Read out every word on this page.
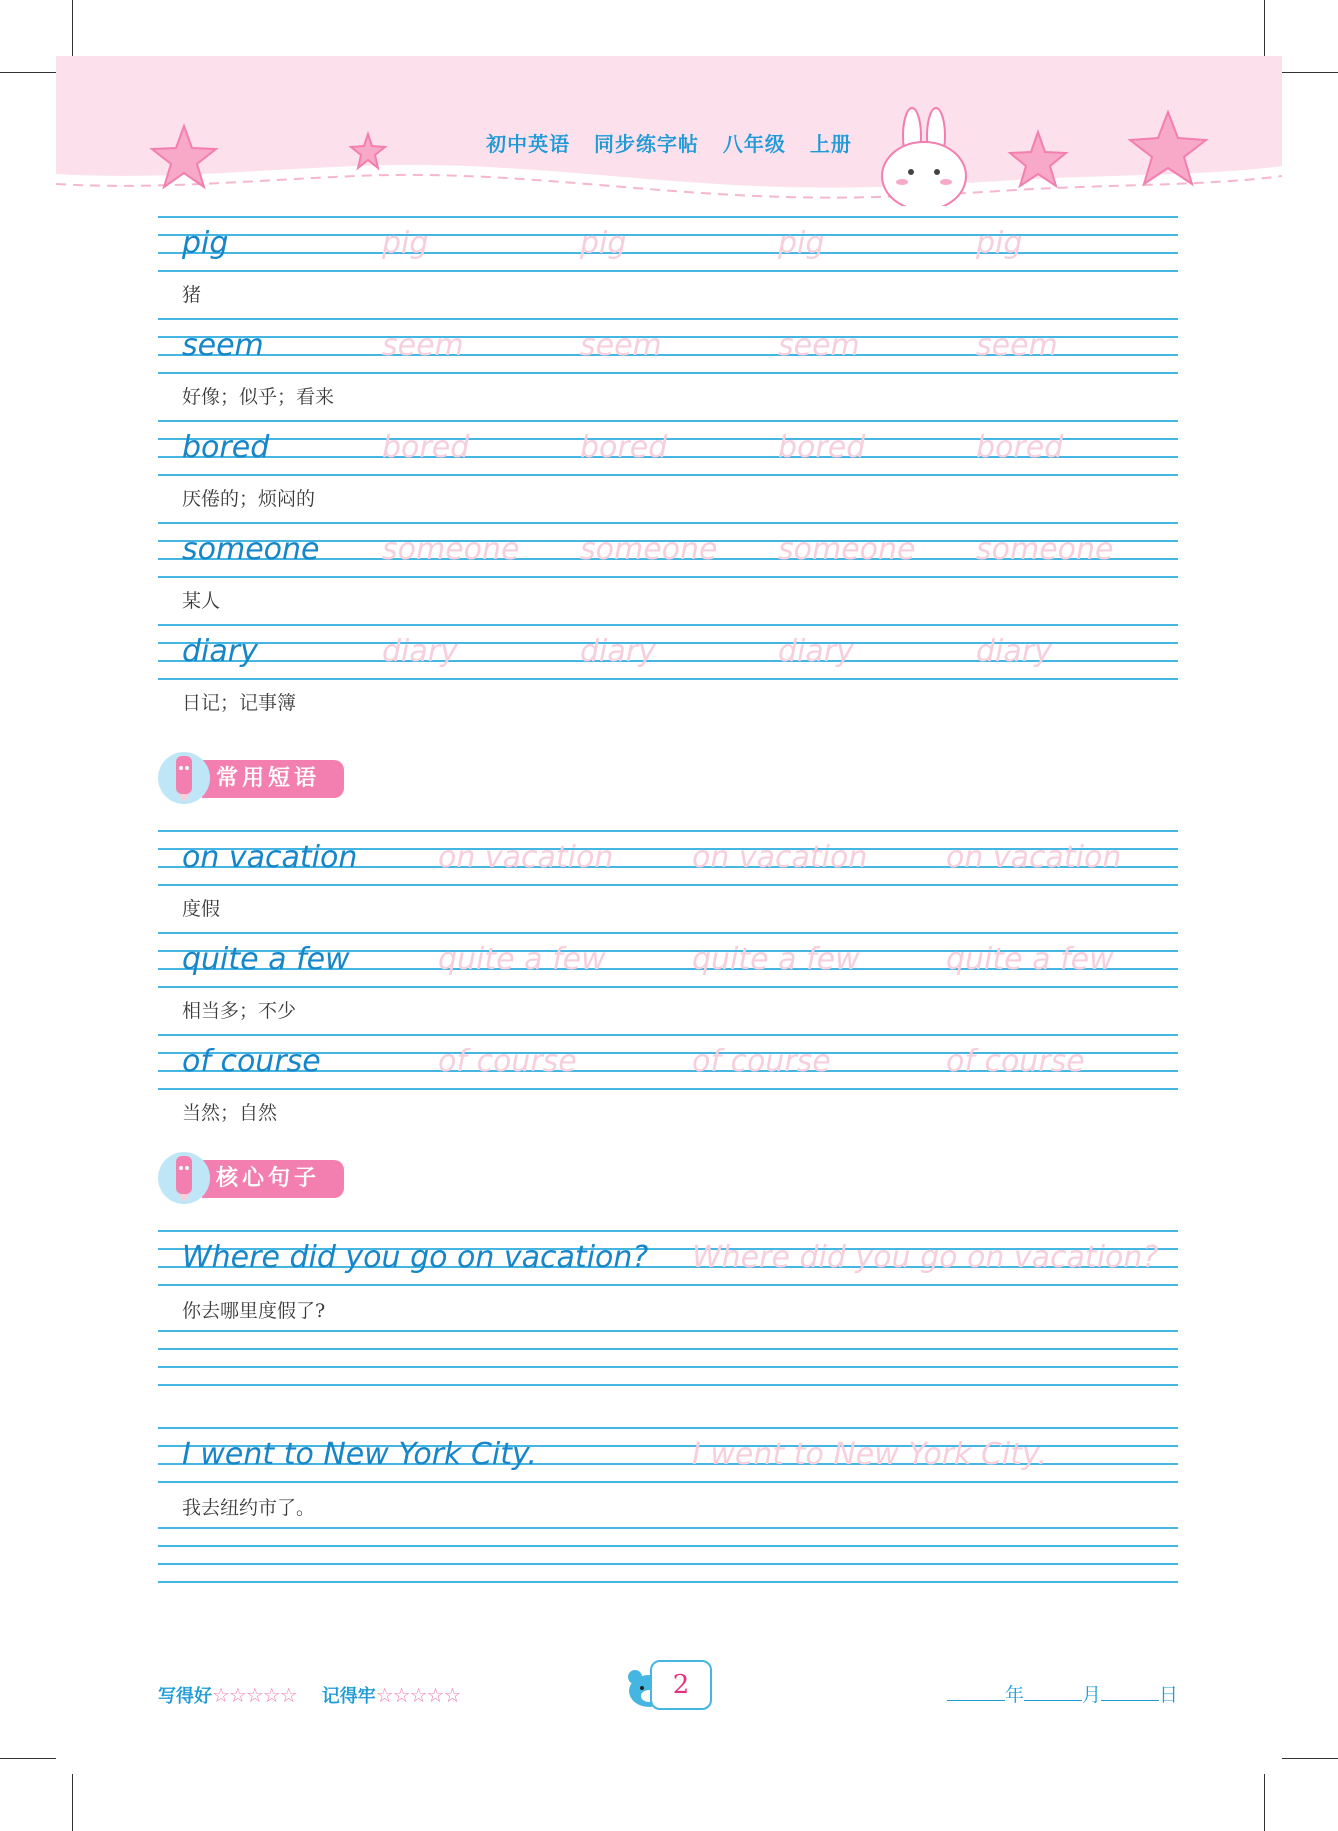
初中英语   同步练字帖   八年级   上册
pig	pig	pig	pig	pig
猪
seem	seem	seem	seem	seem
好像；似乎；看来
bored	bored	bored	bored	bored
厌倦的；烦闷的
someone someone someone someone someone
某人
diary	diary	diary	diary	diary
日记；记事簿
常用短语
on vacation	on vacation	on vacation	on vacation
度假
quite a few	quite a few	quite a few	quite a few
相当多；不少
of course	of course	of course	of course
当然；自然
核心句子
Where did you go on vacation? Where did you go on vacation?
你去哪里度假了?
I went to New York City.	I went to New York City.
我去纽约市了。
写得好☆☆☆☆☆ 记得牢☆☆☆☆☆	2	年	月	日
